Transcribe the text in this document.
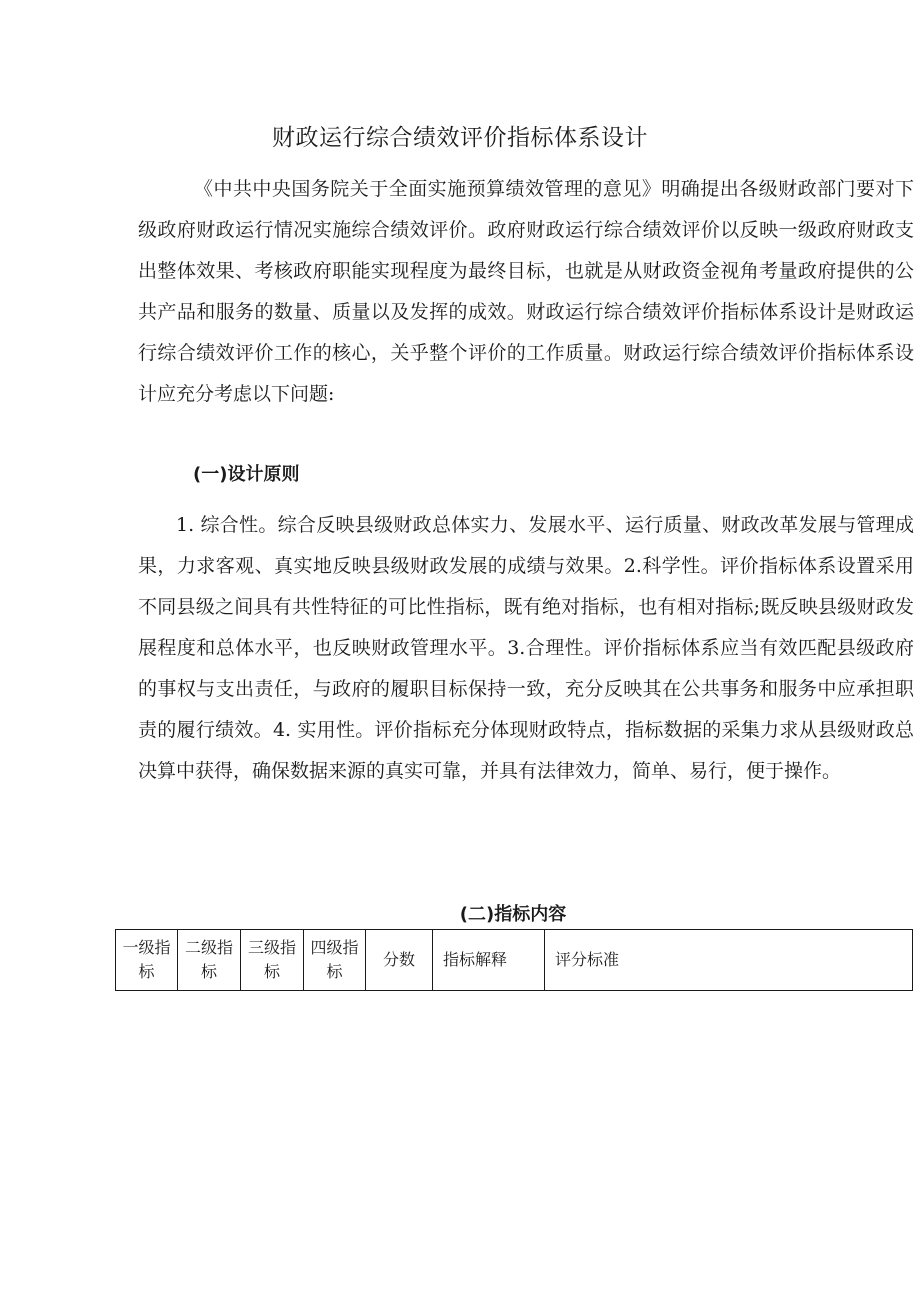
财政运行综合绩效评价指标体系设计

《中共中央国务院关于全面实施预算绩效管理的意见》明确提出各级财政部门要对下级政府财政运行情况实施综合绩效评价。政府财政运行综合绩效评价以反映一级政府财政支出整体效果、考核政府职能实现程度为最终目标，也就是从财政资金视角考量政府提供的公共产品和服务的数量、质量以及发挥的成效。财政运行综合绩效评价指标体系设计是财政运行综合绩效评价工作的核心，关乎整个评价的工作质量。财政运行综合绩效评价指标体系设计应充分考虑以下问题:

(一)设计原则

1. 综合性。综合反映县级财政总体实力、发展水平、运行质量、财政改革发展与管理成果，力求客观、真实地反映县级财政发展的成绩与效果。2.科学性。评价指标体系设置采用不同县级之间具有共性特征的可比性指标，既有绝对指标，也有相对指标;既反映县级财政发展程度和总体水平，也反映财政管理水平。3.合理性。评价指标体系应当有效匹配县级政府的事权与支出责任，与政府的履职目标保持一致，充分反映其在公共事务和服务中应承担职责的履行绩效。4. 实用性。评价指标充分体现财政特点，指标数据的采集力求从县级财政总决算中获得，确保数据来源的真实可靠，并具有法律效力，简单、易行，便于操作。

(二)指标内容
一级指标	二级指标	三级指标	四级指标	分数	指标解释	评分标准
